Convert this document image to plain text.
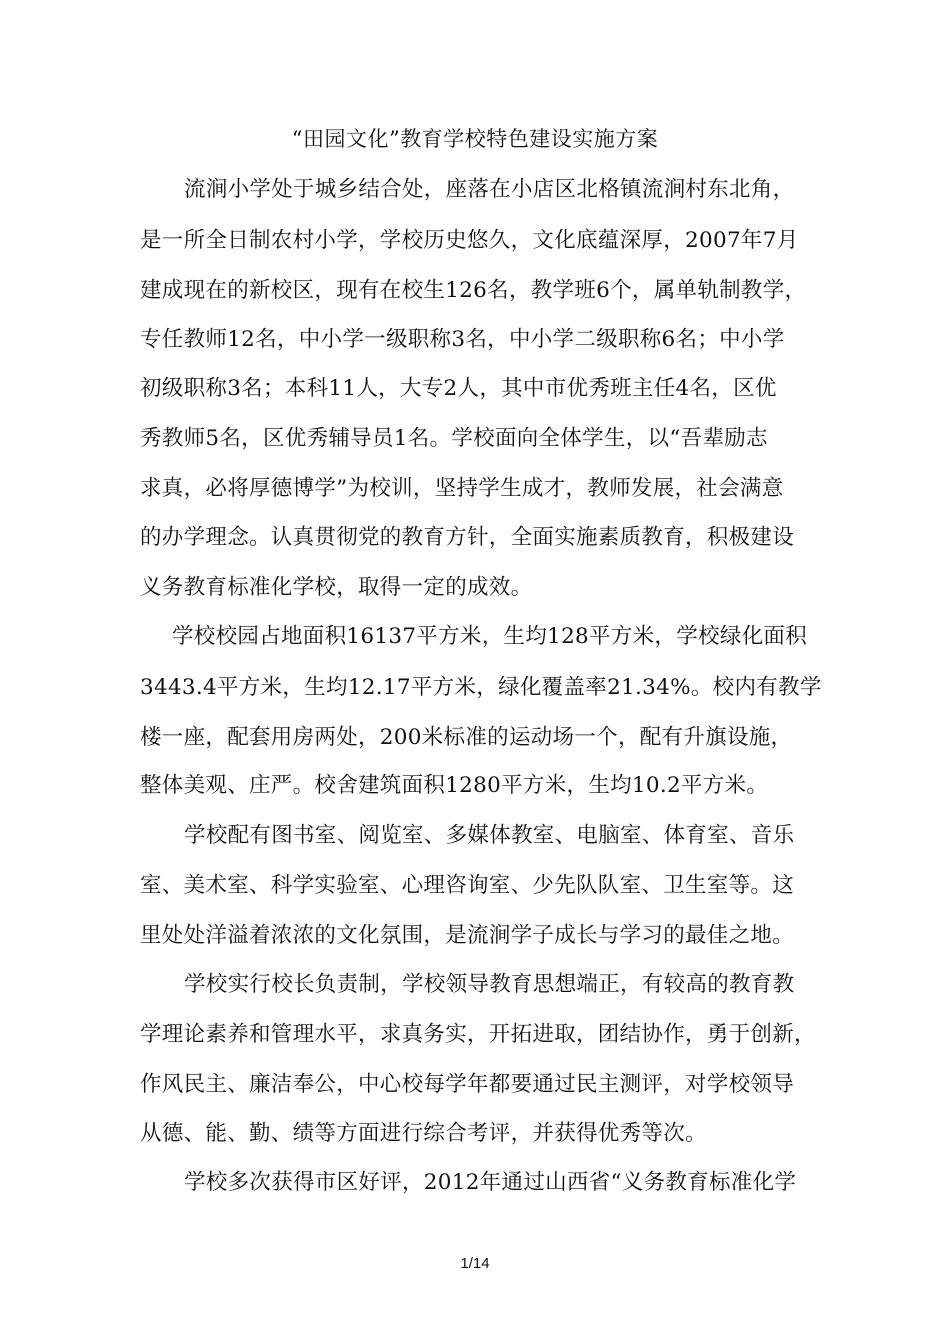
“田园文化”教育学校特色建设实施方案
流涧小学处于城乡结合处，座落在小店区北格镇流涧村东北角，
是一所全日制农村小学，学校历史悠久，文化底蕴深厚，2007年7月
建成现在的新校区，现有在校生126名，教学班6个，属单轨制教学，
专任教师12名，中小学一级职称3名，中小学二级职称6名；中小学
初级职称3名；本科11人，大专2人，其中市优秀班主任4名，区优
秀教师5名，区优秀辅导员1名。学校面向全体学生，以“吾辈励志
求真，必将厚德博学”为校训，坚持学生成才，教师发展，社会满意
的办学理念。认真贯彻党的教育方针，全面实施素质教育，积极建设
义务教育标准化学校，取得一定的成效。
学校校园占地面积16137平方米，生均128平方米，学校绿化面积
3443.4平方米，生均12.17平方米，绿化覆盖率21.34%。校内有教学
楼一座，配套用房两处，200米标准的运动场一个，配有升旗设施，
整体美观、庄严。校舍建筑面积1280平方米，生均10.2平方米。
学校配有图书室、阅览室、多媒体教室、电脑室、体育室、音乐
室、美术室、科学实验室、心理咨询室、少先队队室、卫生室等。这
里处处洋溢着浓浓的文化氛围，是流涧学子成长与学习的最佳之地。
学校实行校长负责制，学校领导教育思想端正，有较高的教育教
学理论素养和管理水平，求真务实，开拓进取，团结协作，勇于创新，
作风民主、廉洁奉公，中心校每学年都要通过民主测评，对学校领导
从德、能、勤、绩等方面进行综合考评，并获得优秀等次。
学校多次获得市区好评，2012年通过山西省“义务教育标准化学
1/14
